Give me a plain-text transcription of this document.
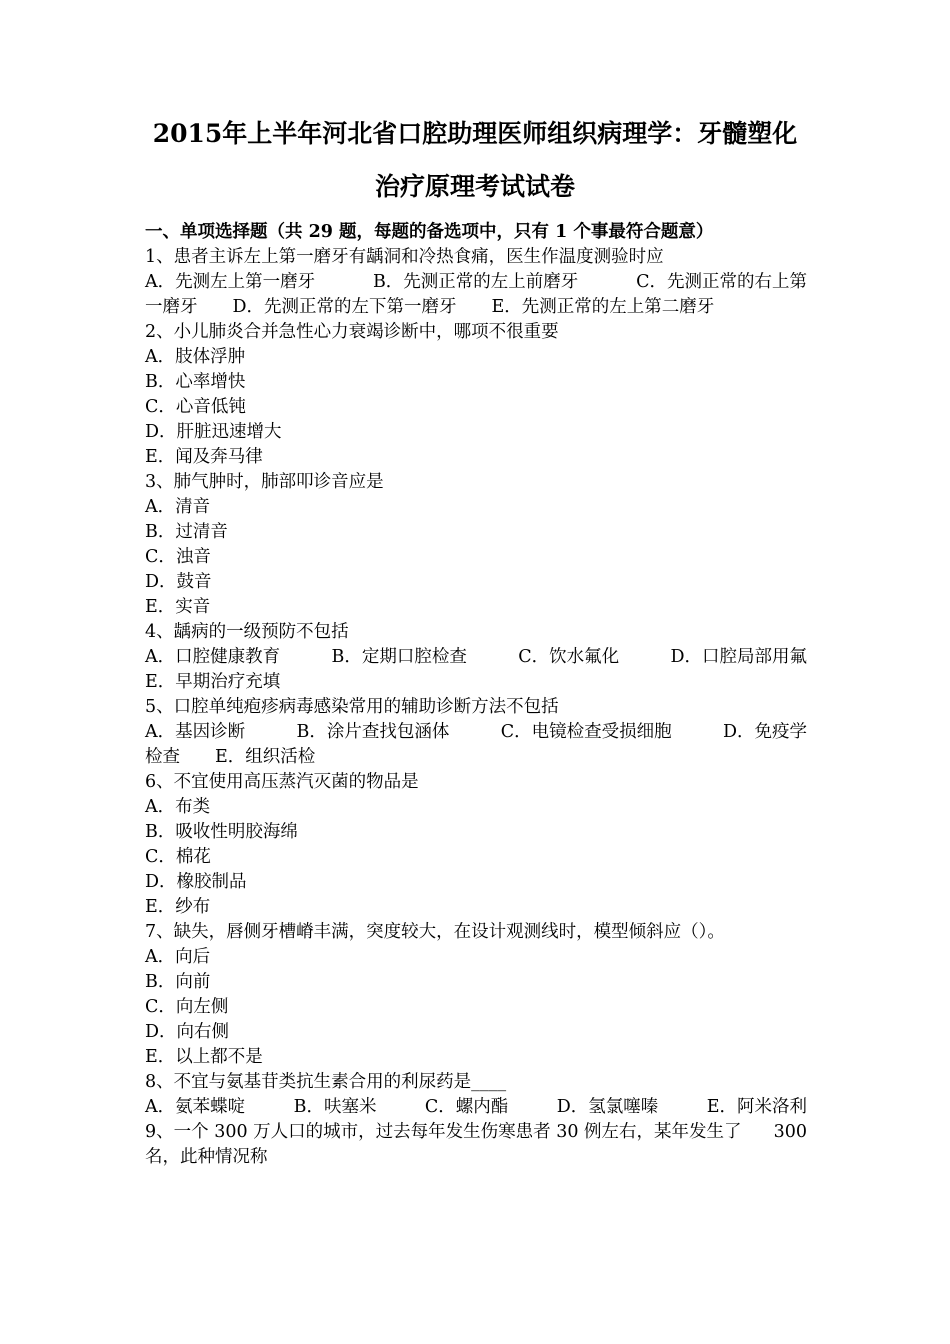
2015年上半年河北省口腔助理医师组织病理学：牙髓塑化
治疗原理考试试卷
一、单项选择题（共 29 题，每题的备选项中，只有 1 个事最符合题意）
1、患者主诉左上第一磨牙有龋洞和冷热食痛，医生作温度测验时应
A．先测左上第一磨牙	B．先测正常的左上前磨牙	C．先测正常的右上第
一磨牙 D．先测正常的左下第一磨牙 E．先测正常的左上第二磨牙
2、小儿肺炎合并急性心力衰竭诊断中，哪项不很重要
A．肢体浮肿
B．心率增快
C．心音低钝
D．肝脏迅速增大
E．闻及奔马律
3、肺气肿时，肺部叩诊音应是
A．清音
B．过清音
C．浊音
D．鼓音
E．实音
4、龋病的一级预防不包括
A．口腔健康教育	B．定期口腔检查	C．饮水氟化	D．口腔局部用氟
E．早期治疗充填
5、口腔单纯疱疹病毒感染常用的辅助诊断方法不包括
A．基因诊断	B．涂片查找包涵体	C．电镜检查受损细胞	D．免疫学
检查 E．组织活检
6、不宜使用高压蒸汽灭菌的物品是
A．布类
B．吸收性明胶海绵
C．棉花
D．橡胶制品
E．纱布
7、缺失，唇侧牙槽嵴丰满，突度较大，在设计观测线时，模型倾斜应（）。
A．向后
B．向前
C．向左侧
D．向右侧
E．以上都不是
8、不宜与氨基苷类抗生素合用的利尿药是____
A．氨苯蝶啶	B．呋塞米	C．螺内酯	D．氢氯噻嗪	E．阿米洛利
9、一个 300 万人口的城市，过去每年发生伤寒患者 30 例左右，某年发生了 300
名，此种情况称
